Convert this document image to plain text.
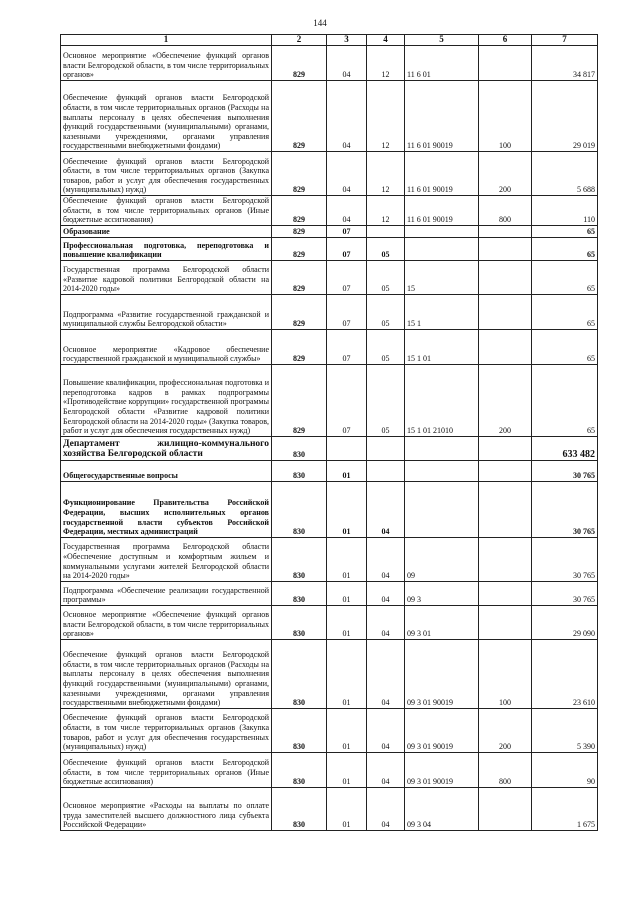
144
1	2	3	4	5	6	7
Основное мероприятие «Обеспечение функций органов власти Белгородской области, в том числе территориальных органов»	829	04	12	11 6 01		34 817
Обеспечение функций органов власти Белгородской области, в том числе территориальных органов (Расходы на выплаты персоналу в целях обеспечения выполнения функций государственными (муниципальными) органами, казенными учреждениями, органами управления государственными внебюджетными фондами)	829	04	12	11 6 01 90019	100	29 019
Обеспечение функций органов власти Белгородской области, в том числе территориальных органов (Закупка товаров, работ и услуг для обеспечения государственных (муниципальных) нужд)	829	04	12	11 6 01 90019	200	5 688
Обеспечение функций органов власти Белгородской области, в том числе территориальных органов (Иные бюджетные ассигнования)	829	04	12	11 6 01 90019	800	110
Образование	829	07				65
Профессиональная подготовка, переподготовка и повышение квалификации	829	07	05			65
Государственная программа Белгородской области «Развитие кадровой политики Белгородской области на 2014-2020 годы»	829	07	05	15		65
Подпрограмма «Развитие государственной гражданской и муниципальной службы Белгородской области»	829	07	05	15 1		65
Основное мероприятие «Кадровое обеспечение государственной гражданской и муниципальной службы»	829	07	05	15 1 01		65
Повышение квалификации, профессиональная подготовка и переподготовка кадров в рамках подпрограммы «Противодействие коррупции» государственной программы Белгородской области «Развитие кадровой политики Белгородской области на 2014-2020 годы» (Закупка товаров, работ и услуг для обеспечения государственных нужд)	829	07	05	15 1 01 21010	200	65
Департамент жилищно-коммунального хозяйства Белгородской области	830					633 482
Общегосударственные вопросы	830	01				30 765
Функционирование Правительства Российской Федерации, высших исполнительных органов государственной власти субъектов Российской Федерации, местных администраций	830	01	04			30 765
Государственная программа Белгородской области «Обеспечение доступным и комфортным жильем и коммунальными услугами жителей Белгородской области на 2014-2020 годы»	830	01	04	09		30 765
Подпрограмма «Обеспечение реализации государственной программы»	830	01	04	09 3		30 765
Основное мероприятие «Обеспечение функций органов власти Белгородской области, в том числе территориальных органов»	830	01	04	09 3 01		29 090
Обеспечение функций органов власти Белгородской области, в том числе территориальных органов (Расходы на выплаты персоналу в целях обеспечения выполнения функций государственными (муниципальными) органами, казенными учреждениями, органами управления государственными внебюджетными фондами)	830	01	04	09 3 01 90019	100	23 610
Обеспечение функций органов власти Белгородской области, в том числе территориальных органов (Закупка товаров, работ и услуг для обеспечения государственных (муниципальных) нужд)	830	01	04	09 3 01 90019	200	5 390
Обеспечение функций органов власти Белгородской области, в том числе территориальных органов (Иные бюджетные ассигнования)	830	01	04	09 3 01 90019	800	90
Основное мероприятие «Расходы на выплаты по оплате труда заместителей высшего должностного лица субъекта Российской Федерации»	830	01	04	09 3 04		1 675
